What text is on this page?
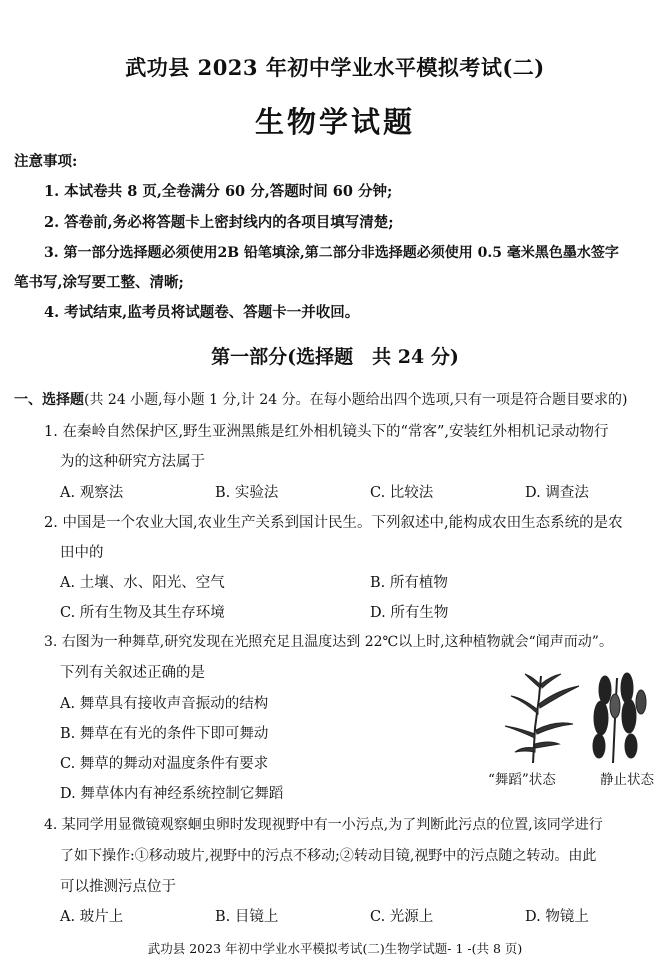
武功县 2023 年初中学业水平模拟考试(二)
生物学试题
注意事项:
1. 本试卷共 8 页,全卷满分 60 分,答题时间 60 分钟;
2. 答卷前,务必将答题卡上密封线内的各项目填写清楚;
3. 第一部分选择题必须使用2B 铅笔填涂,第二部分非选择题必须使用 0.5 毫米黑色墨水签字
笔书写,涂写要工整、清晰;
4. 考试结束,监考员将试题卷、答题卡一并收回。
第一部分(选择题　共 24 分)
一、选择题(共 24 小题,每小题 1 分,计 24 分。在每小题给出四个选项,只有一项是符合题目要求的)
1. 在秦岭自然保护区,野生亚洲黑熊是红外相机镜头下的“常客”,安装红外相机记录动物行
为的这种研究方法属于
A. 观察法	B. 实验法	C. 比较法	D. 调查法
2. 中国是一个农业大国,农业生产关系到国计民生。下列叙述中,能构成农田生态系统的是农
田中的
A. 土壤、水、阳光、空气	B. 所有植物
C. 所有生物及其生存环境	D. 所有生物
3. 右图为一种舞草,研究发现在光照充足且温度达到 22℃以上时,这种植物就会“闻声而动”。
下列有关叙述正确的是
A. 舞草具有接收声音振动的结构
B. 舞草在有光的条件下即可舞动
C. 舞草的舞动对温度条件有要求
D. 舞草体内有神经系统控制它舞蹈
“舞蹈”状态	静止状态
4. 某同学用显微镜观察蛔虫卵时发现视野中有一小污点,为了判断此污点的位置,该同学进行
了如下操作:①移动玻片,视野中的污点不移动;②转动目镜,视野中的污点随之转动。由此
可以推测污点位于
A. 玻片上	B. 目镜上	C. 光源上	D. 物镜上
武功县 2023 年初中学业水平模拟考试(二)生物学试题- 1 -(共 8 页)
